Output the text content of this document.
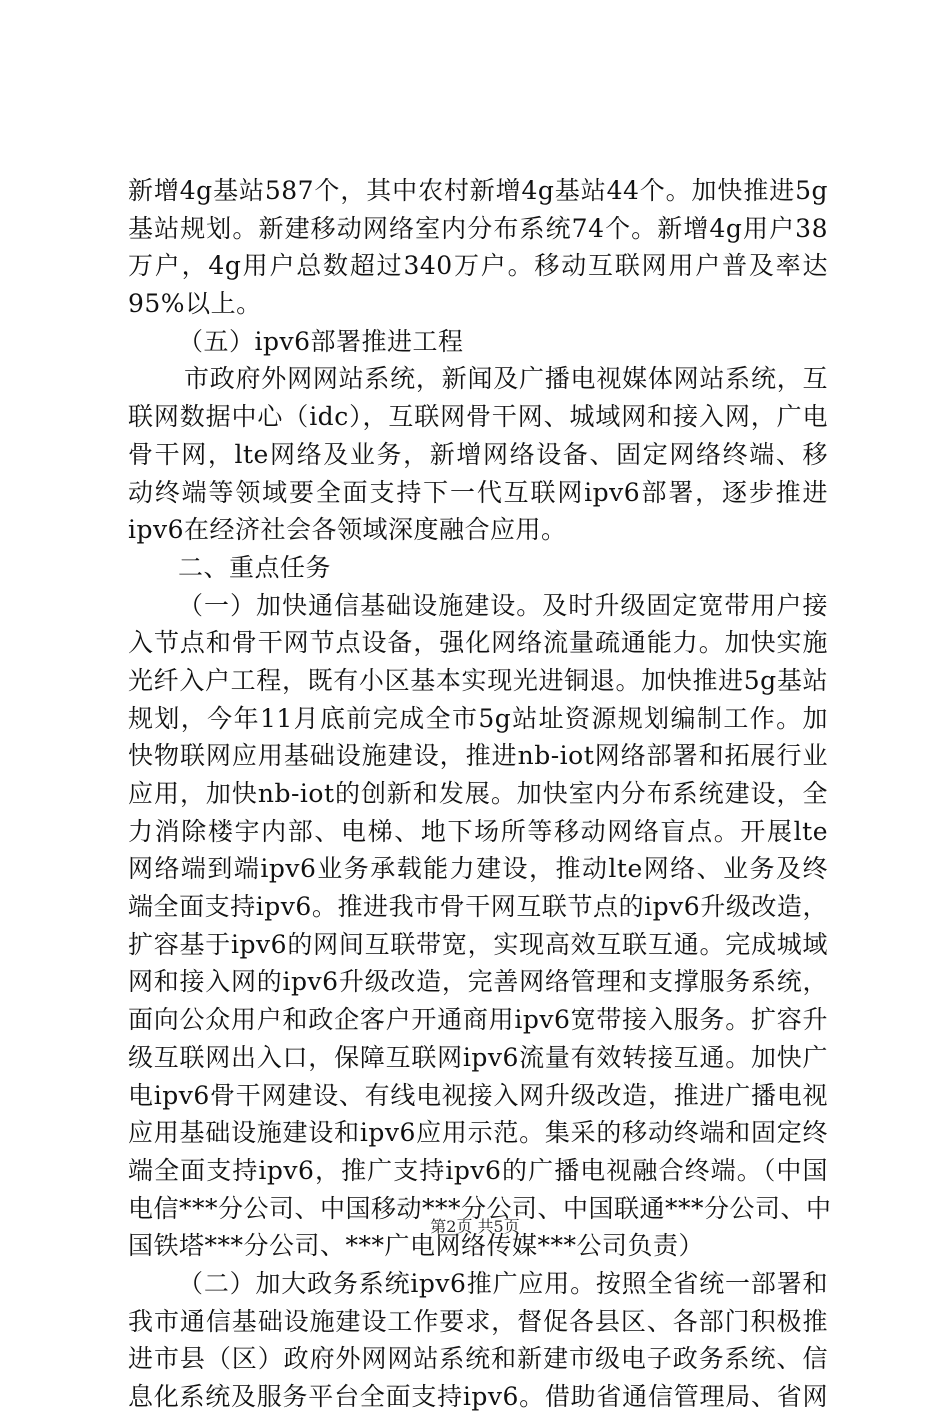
新增4g基站587个，其中农村新增4g基站44个。加快推进5g
基站规划。新建移动网络室内分布系统74个。新增4g用户38
万户，4g用户总数超过340万户。移动互联网用户普及率达
95%以上。
（五）ipv6部署推进工程
市政府外网网站系统，新闻及广播电视媒体网站系统，互
联网数据中心（idc），互联网骨干网、城域网和接入网，广电
骨干网，lte网络及业务，新增网络设备、固定网络终端、移
动终端等领域要全面支持下一代互联网ipv6部署，逐步推进
ipv6在经济社会各领域深度融合应用。
二、重点任务
（一）加快通信基础设施建设。及时升级固定宽带用户接
入节点和骨干网节点设备，强化网络流量疏通能力。加快实施
光纤入户工程，既有小区基本实现光进铜退。加快推进5g基站
规划，今年11月底前完成全市5g站址资源规划编制工作。加
快物联网应用基础设施建设，推进nb-iot网络部署和拓展行业
应用，加快nb-iot的创新和发展。加快室内分布系统建设，全
力消除楼宇内部、电梯、地下场所等移动网络盲点。开展lte
网络端到端ipv6业务承载能力建设，推动lte网络、业务及终
端全面支持ipv6。推进我市骨干网互联节点的ipv6升级改造，
扩容基于ipv6的网间互联带宽，实现高效互联互通。完成城域
网和接入网的ipv6升级改造，完善网络管理和支撑服务系统，
面向公众用户和政企客户开通商用ipv6宽带接入服务。扩容升
级互联网出入口，保障互联网ipv6流量有效转接互通。加快广
电ipv6骨干网建设、有线电视接入网升级改造，推进广播电视
应用基础设施建设和ipv6应用示范。集采的移动终端和固定终
端全面支持ipv6，推广支持ipv6的广播电视融合终端。（中国
电信***分公司、中国移动***分公司、中国联通***分公司、中
国铁塔***分公司、***广电网络传媒***公司负责）
（二）加大政务系统ipv6推广应用。按照全省统一部署和
我市通信基础设施建设工作要求，督促各县区、各部门积极推
进市县（区）政府外网网站系统和新建市级电子政务系统、信
息化系统及服务平台全面支持ipv6。借助省通信管理局、省网
第2页 共5页
